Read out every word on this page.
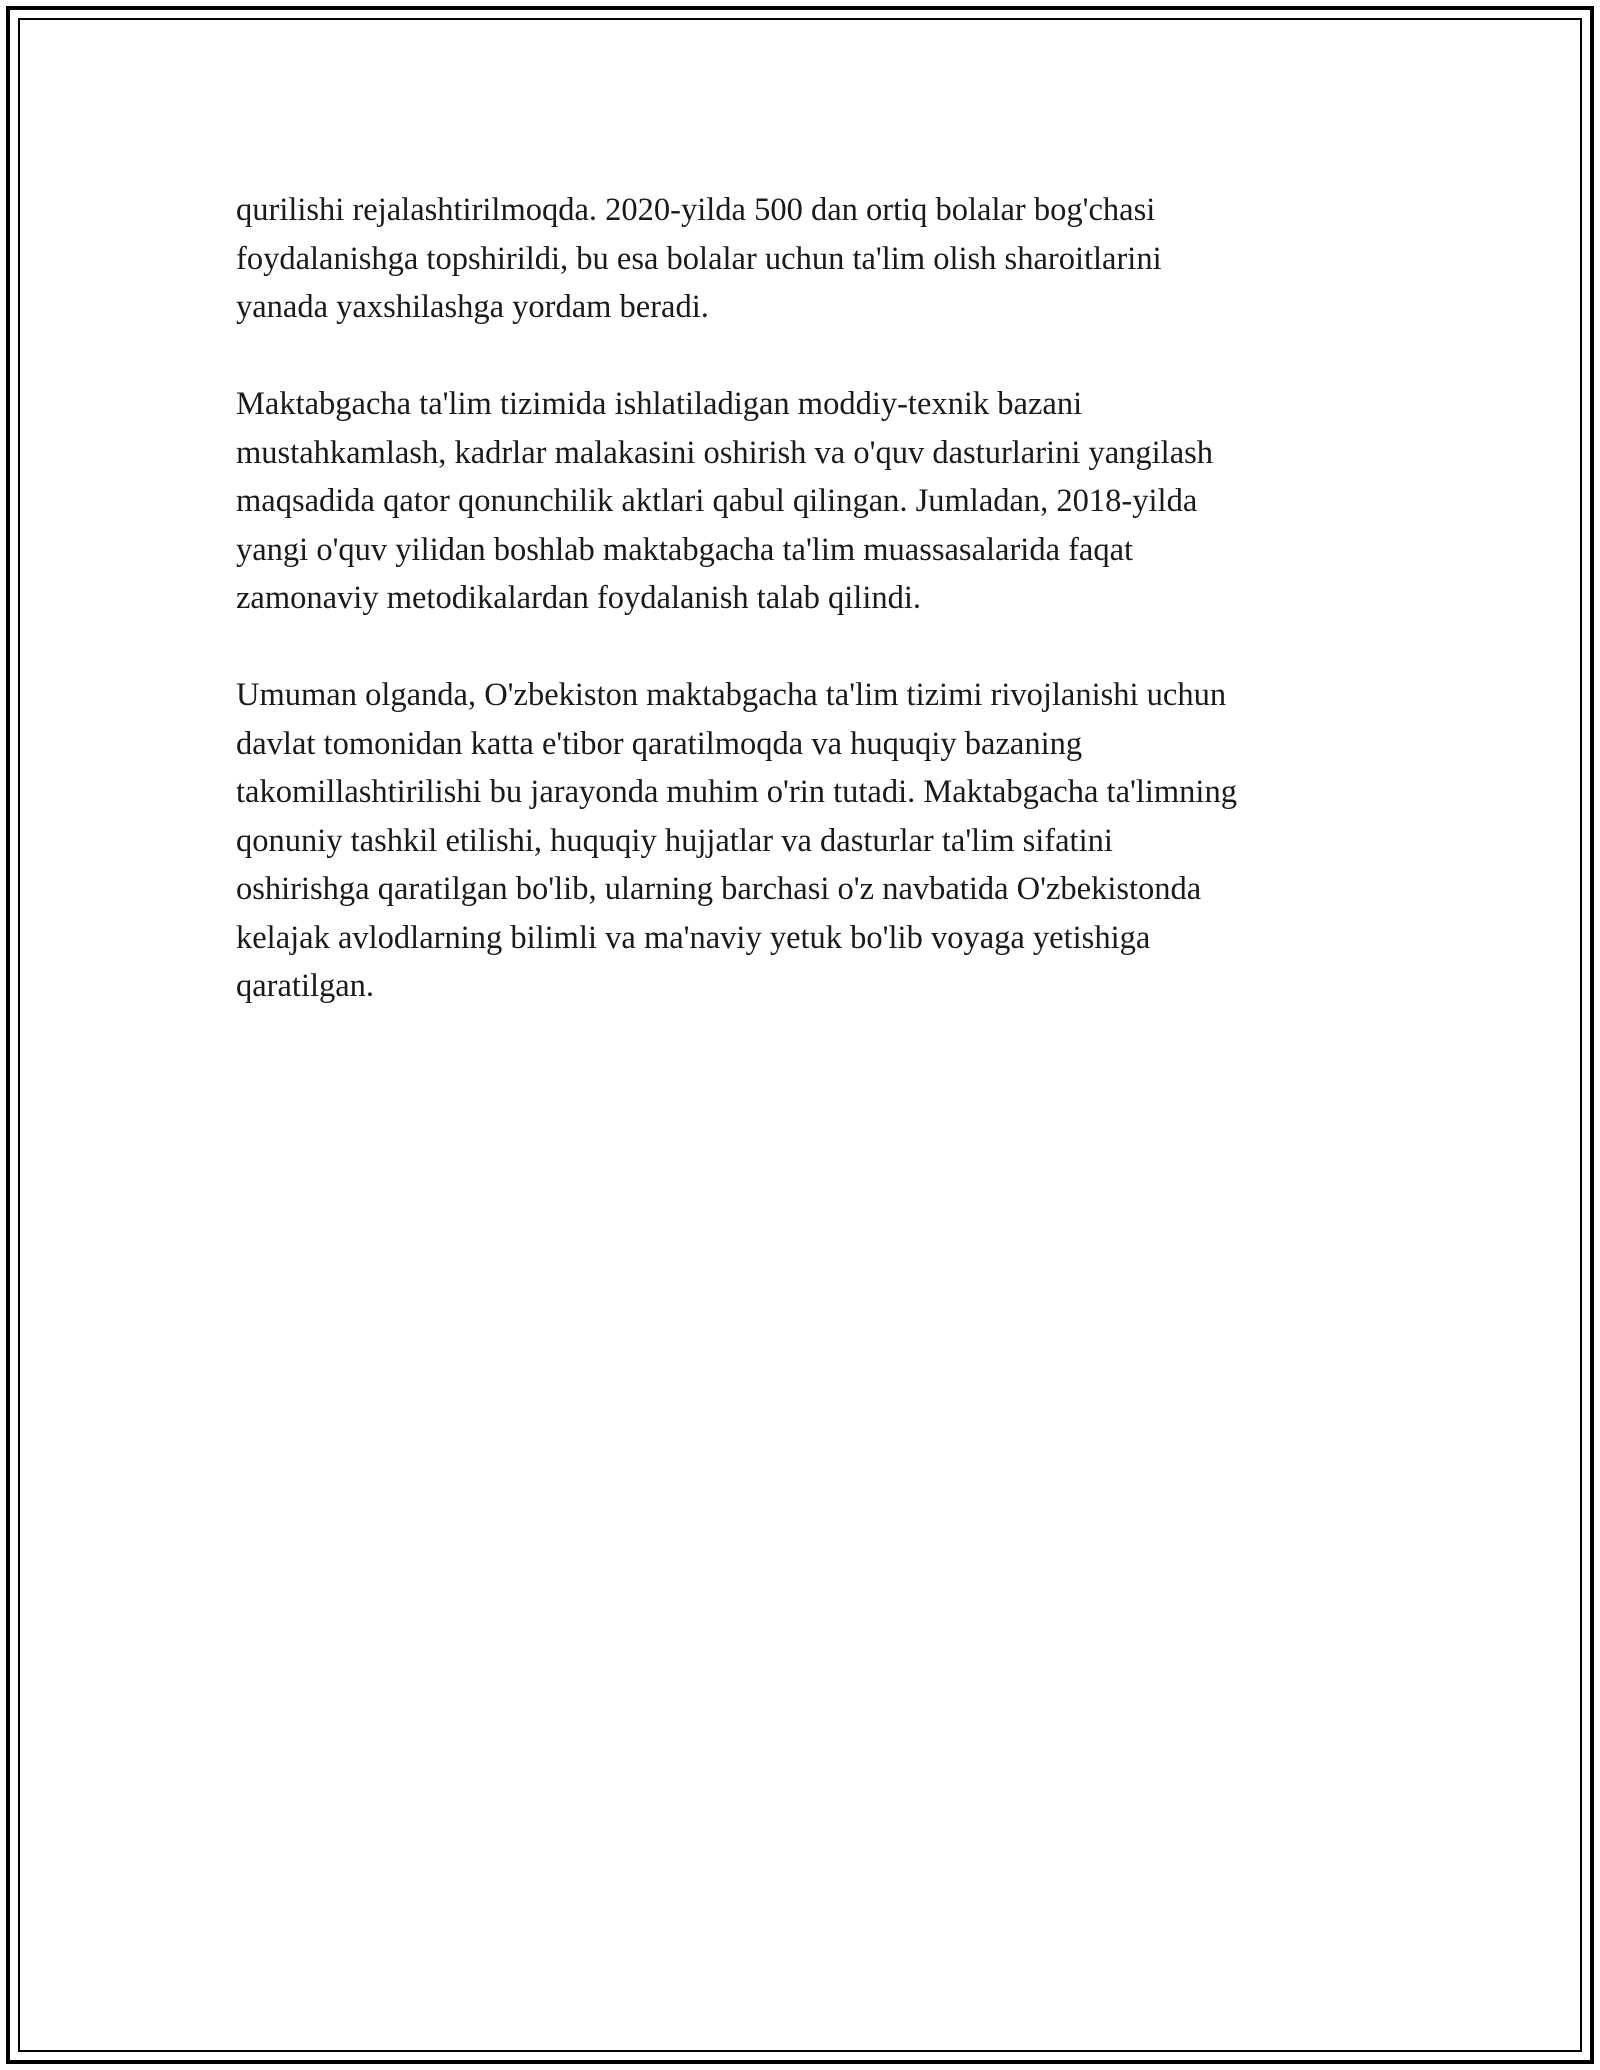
qurilishi rejalashtirilmoqda. 2020-yilda 500 dan ortiq bolalar bog'chasi
foydalanishga topshirildi, bu esa bolalar uchun ta'lim olish sharoitlarini
yanada yaxshilashga yordam beradi.

Maktabgacha ta'lim tizimida ishlatiladigan moddiy-texnik bazani
mustahkamlash, kadrlar malakasini oshirish va o'quv dasturlarini yangilash
maqsadida qator qonunchilik aktlari qabul qilingan. Jumladan, 2018-yilda
yangi o'quv yilidan boshlab maktabgacha ta'lim muassasalarida faqat
zamonaviy metodikalardan foydalanish talab qilindi.

Umuman olganda, O'zbekiston maktabgacha ta'lim tizimi rivojlanishi uchun
davlat tomonidan katta e'tibor qaratilmoqda va huquqiy bazaning
takomillashtirilishi bu jarayonda muhim o'rin tutadi. Maktabgacha ta'limning
qonuniy tashkil etilishi, huquqiy hujjatlar va dasturlar ta'lim sifatini
oshirishga qaratilgan bo'lib, ularning barchasi o'z navbatida O'zbekistonda
kelajak avlodlarning bilimli va ma'naviy yetuk bo'lib voyaga yetishiga
qaratilgan.
